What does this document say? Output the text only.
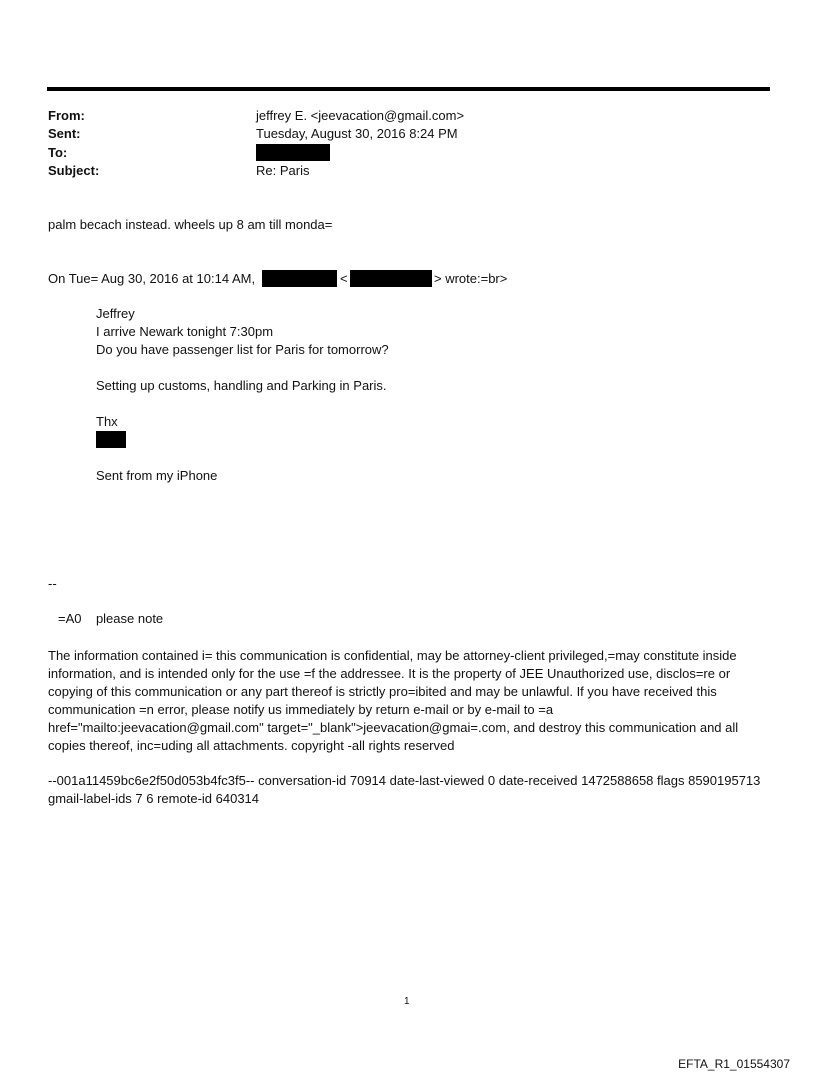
From:	jeffrey E. <jeevacation@gmail.com>
Sent:	Tuesday, August 30, 2016 8:24 PM
To:
Subject:	Re: Paris
palm becach instead. wheels up 8 am till monda=
On Tue= Aug 30, 2016 at 10:14 AM,	<	> wrote:=br>
Jeffrey
I arrive Newark tonight 7:30pm
Do you have passenger list for Paris for tomorrow?
Setting up customs, handling and Parking in Paris.
Thx
Sent from my iPhone
--
=A0    please note
The information contained i= this communication is confidential, may be attorney-client privileged,=may constitute inside information, and is intended only for the use =f the addressee. It is the property of JEE Unauthorized use, disclos=re or copying of this communication or any part thereof is strictly pro=ibited and may be unlawful. If you have received this communication =n error, please notify us immediately by return e-mail or by e-mail to =a href="mailto:jeevacation@gmail.com" target="_blank">jeevacation@gmai=.com, and destroy this communication and all copies thereof, inc=uding all attachments. copyright -all rights reserved
--001a11459bc6e2f50d053b4fc3f5-- conversation-id 70914 date-last-viewed 0 date-received 1472588658 flags 8590195713 gmail-label-ids 7 6 remote-id 640314
1
EFTA_R1_01554307
